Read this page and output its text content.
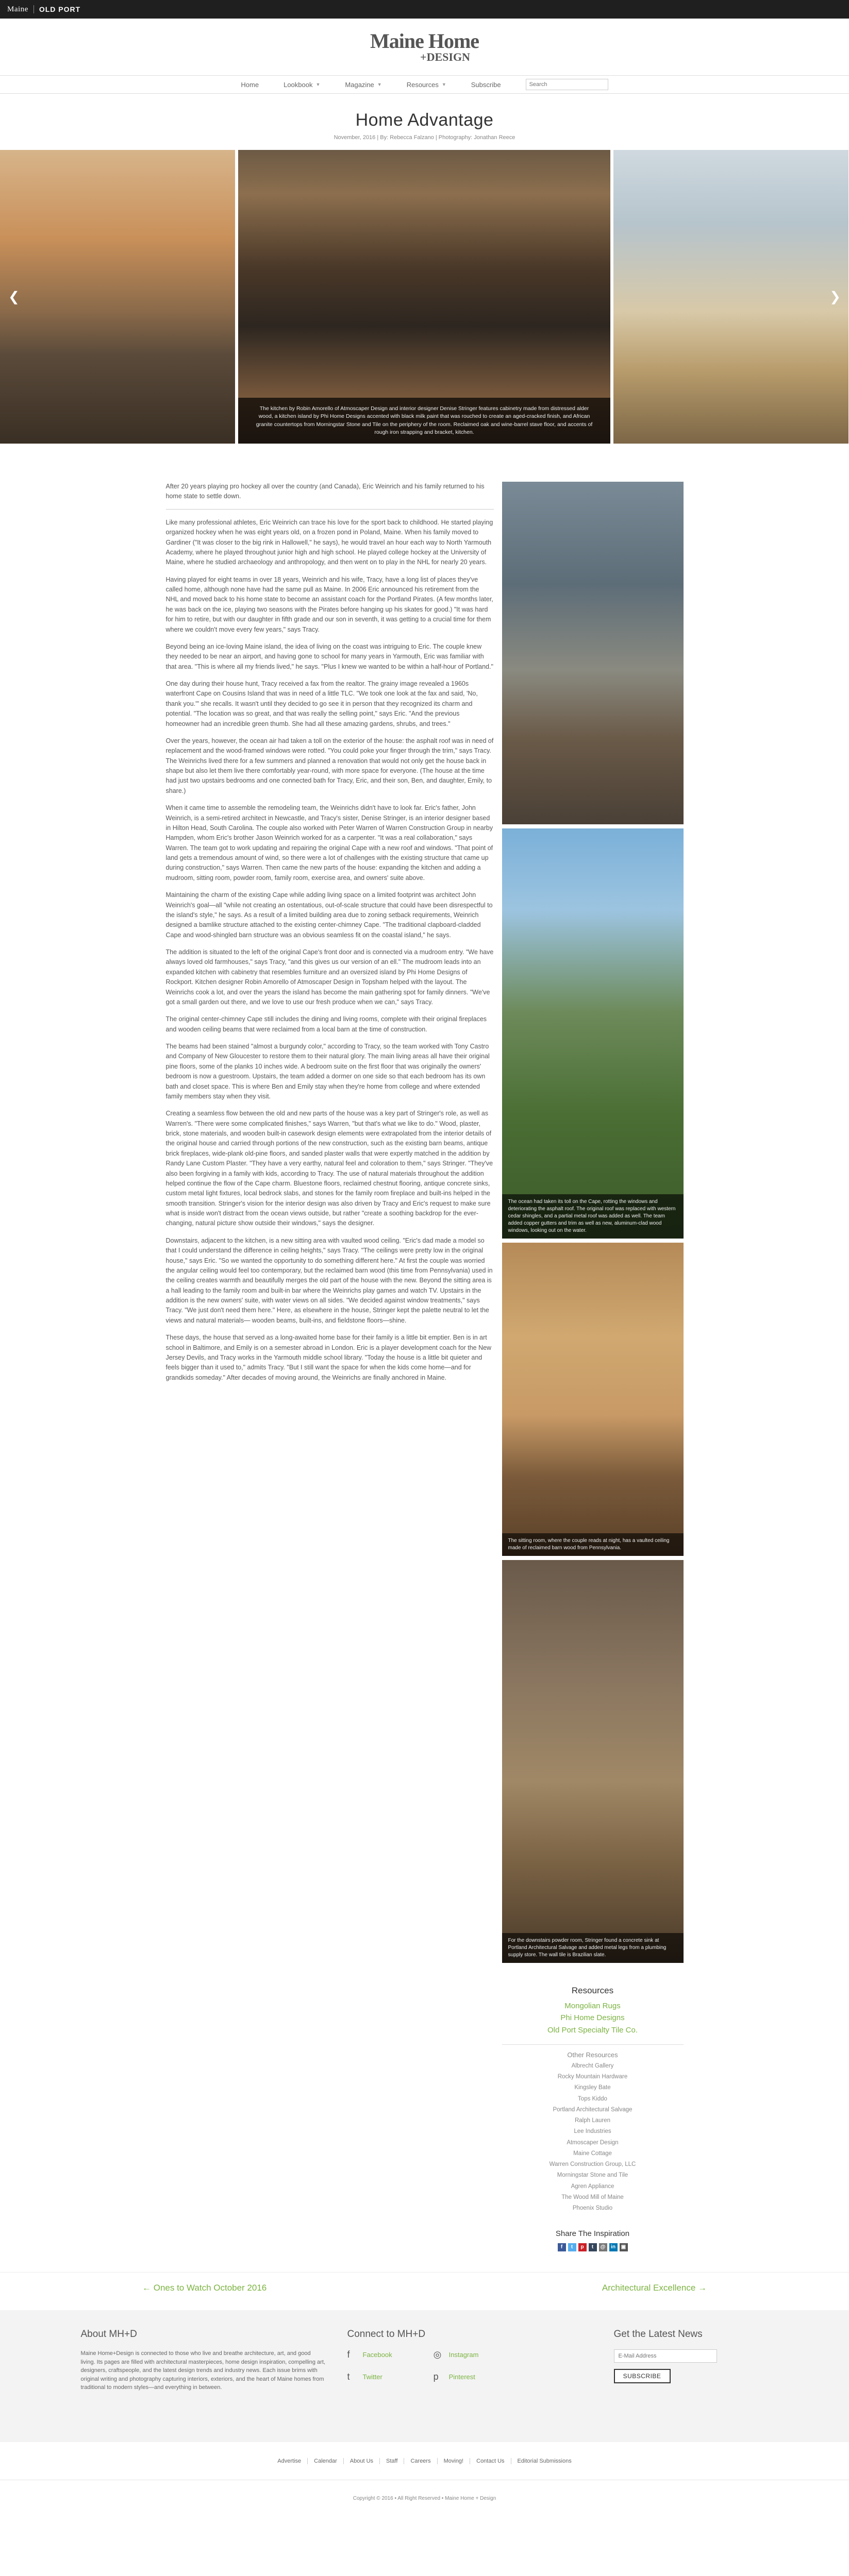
Maine OLD PORT
Maine Home
+DESIGN
Home	Lookbook ▼	Magazine ▼	Resources ▼	Subscribe
Search
Home Advantage
November, 2016 | By: Rebecca Falzano | Photography: Jonathan Reece
The kitchen by Robin Amorello of Atmoscaper Design and interior designer Denise Stringer features cabinetry made from distressed alder wood, a kitchen island by Phi Home Designs accented with black milk paint that was rouched to create an aged-cracked finish, and African granite countertops from Morningstar Stone and Tile on the periphery of the room. Reclaimed oak and wine-barrel stave floor, and accents of rough iron strapping and bracket, kitchen.
❮	❯

After 20 years playing pro hockey all over the country (and Canada), Eric Weinrich and his family returned to his home state to settle down.

Like many professional athletes, Eric Weinrich can trace his love for the sport back to childhood. He started playing organized hockey when he was eight years old, on a frozen pond in Poland, Maine. When his family moved to Gardiner ("It was closer to the big rink in Hallowell," he says), he would travel an hour each way to North Yarmouth Academy, where he played throughout junior high and high school. He played college hockey at the University of Maine, where he studied archaeology and anthropology, and then went on to play in the NHL for nearly 20 years.

Having played for eight teams in over 18 years, Weinrich and his wife, Tracy, have a long list of places they've called home, although none have had the same pull as Maine. In 2006 Eric announced his retirement from the NHL and moved back to his home state to become an assistant coach for the Portland Pirates. (A few months later, he was back on the ice, playing two seasons with the Pirates before hanging up his skates for good.) "It was hard for him to retire, but with our daughter in fifth grade and our son in seventh, it was getting to a crucial time for them where we couldn't move every few years," says Tracy.

Beyond being an ice-loving Maine island, the idea of living on the coast was intriguing to Eric. The couple knew they needed to be near an airport, and having gone to school for many years in Yarmouth, Eric was familiar with that area. "This is where all my friends lived," he says. "Plus I knew we wanted to be within a half-hour of Portland."

One day during their house hunt, Tracy received a fax from the realtor. The grainy image revealed a 1960s waterfront Cape on Cousins Island that was in need of a little TLC. "We took one look at the fax and said, 'No, thank you.'" she recalls. It wasn't until they decided to go see it in person that they recognized its charm and potential. "The location was so great, and that was really the selling point," says Eric. "And the previous homeowner had an incredible green thumb. She had all these amazing gardens, shrubs, and trees."

Over the years, however, the ocean air had taken a toll on the exterior of the house: the asphalt roof was in need of replacement and the wood-framed windows were rotted. "You could poke your finger through the trim," says Tracy. The Weinrichs lived there for a few summers and planned a renovation that would not only get the house back in shape but also let them live there comfortably year-round, with more space for everyone. (The house at the time had just two upstairs bedrooms and one connected bath for Tracy, Eric, and their son, Ben, and daughter, Emily, to share.)

When it came time to assemble the remodeling team, the Weinrichs didn't have to look far. Eric's father, John Weinrich, is a semi-retired architect in Newcastle, and Tracy's sister, Denise Stringer, is an interior designer based in Hilton Head, South Carolina. The couple also worked with Peter Warren of Warren Construction Group in nearby Hampden, whom Eric's brother Jason Weinrich worked for as a carpenter. "It was a real collaboration," says Warren. The team got to work updating and repairing the original Cape with a new roof and windows. "That point of land gets a tremendous amount of wind, so there were a lot of challenges with the existing structure that came up during construction," says Warren. Then came the new parts of the house: expanding the kitchen and adding a mudroom, sitting room, powder room, family room, exercise area, and owners' suite above.

Maintaining the charm of the existing Cape while adding living space on a limited footprint was architect John Weinrich's goal—all "while not creating an ostentatious, out-of-scale structure that could have been disrespectful to the island's style," he says. As a result of a limited building area due to zoning setback requirements, Weinrich designed a bamlike structure attached to the existing center-chimney Cape. "The traditional clapboard-cladded Cape and wood-shingled barn structure was an obvious seamless fit on the coastal island," he says.

The addition is situated to the left of the original Cape's front door and is connected via a mudroom entry. "We have always loved old farmhouses," says Tracy, "and this gives us our version of an ell." The mudroom leads into an expanded kitchen with cabinetry that resembles furniture and an oversized island by Phi Home Designs of Rockport. Kitchen designer Robin Amorello of Atmoscaper Design in Topsham helped with the layout. The Weinrichs cook a lot, and over the years the island has become the main gathering spot for family dinners. "We've got a small garden out there, and we love to use our fresh produce when we can," says Tracy.

The original center-chimney Cape still includes the dining and living rooms, complete with their original fireplaces and wooden ceiling beams that were reclaimed from a local barn at the time of construction.

The beams had been stained "almost a burgundy color," according to Tracy, so the team worked with Tony Castro and Company of New Gloucester to restore them to their natural glory. The main living areas all have their original pine floors, some of the planks 10 inches wide. A bedroom suite on the first floor that was originally the owners' bedroom is now a guestroom. Upstairs, the team added a dormer on one side so that each bedroom has its own bath and closet space. This is where Ben and Emily stay when they're home from college and where extended family members stay when they visit.

Creating a seamless flow between the old and new parts of the house was a key part of Stringer's role, as well as Warren's. "There were some complicated finishes," says Warren, "but that's what we like to do." Wood, plaster, brick, stone materials, and wooden built-in casework design elements were extrapolated from the interior details of the original house and carried through portions of the new construction, such as the existing barn beams, antique brick fireplaces, wide-plank old-pine floors, and sanded plaster walls that were expertly matched in the addition by Randy Lane Custom Plaster. "They have a very earthy, natural feel and coloration to them," says Stringer. "They've also been forgiving in a family with kids, according to Tracy. The use of natural materials throughout the addition helped continue the flow of the Cape charm. Bluestone floors, reclaimed chestnut flooring, antique concrete sinks, custom metal light fixtures, local bedrock slabs, and stones for the family room fireplace and built-ins helped in the smooth transition. Stringer's vision for the interior design was also driven by Tracy and Eric's request to make sure what is inside won't distract from the ocean views outside, but rather "create a soothing backdrop for the ever-changing, natural picture show outside their windows," says the designer.

Downstairs, adjacent to the kitchen, is a new sitting area with vaulted wood ceiling. "Eric's dad made a model so that I could understand the difference in ceiling heights," says Tracy. "The ceilings were pretty low in the original house," says Eric. "So we wanted the opportunity to do something different here." At first the couple was worried the angular ceiling would feel too contemporary, but the reclaimed barn wood (this time from Pennsylvania) used in the ceiling creates warmth and beautifully merges the old part of the house with the new. Beyond the sitting area is a hall leading to the family room and built-in bar where the Weinrichs play games and watch TV. Upstairs in the addition is the new owners' suite, with water views on all sides. "We decided against window treatments," says Tracy. "We just don't need them here." Here, as elsewhere in the house, Stringer kept the palette neutral to let the views and natural materials— wooden beams, built-ins, and fieldstone floors—shine.

These days, the house that served as a long-awaited home base for their family is a little bit emptier. Ben is in art school in Baltimore, and Emily is on a semester abroad in London. Eric is a player development coach for the New Jersey Devils, and Tracy works in the Yarmouth middle school library. "Today the house is a little bit quieter and feels bigger than it used to," admits Tracy. "But I still want the space for when the kids come home—and for grandkids someday." After decades of moving around, the Weinrichs are finally anchored in Maine.

The ocean had taken its toll on the Cape, rotting the windows and deteriorating the asphalt roof. The original roof was replaced with western cedar shingles, and a partial metal roof was added as well. The team added copper gutters and trim as well as new, aluminum-clad wood windows, looking out on the water.
The sitting room, where the couple reads at night, has a vaulted ceiling made of reclaimed barn wood from Pennsylvania.
For the downstairs powder room, Stringer found a concrete sink at Portland Architectural Salvage and added metal legs from a plumbing supply store. The wall tile is Brazilian slate.
Resources
Mongolian Rugs
Phi Home Designs
Old Port Specialty Tile Co.
Other Resources
Albrecht Gallery
Rocky Mountain Hardware
Kingsley Bate
Tops Kiddo
Portland Architectural Salvage
Ralph Lauren
Lee Industries
Atmoscaper Design
Maine Cottage
Warren Construction Group, LLC
Morningstar Stone and Tile
Agren Appliance
The Wood Mill of Maine
Phoenix Studio
Share The Inspiration
f	t	p	t	@	in	▣
← Ones to Watch October 2016	Architectural Excellence →
About MH+D

Maine Home+Design is connected to those who live and breathe architecture, art, and good living. Its pages are filled with architectural masterpieces, home design inspiration, compelling art, designers, craftspeople, and the latest design trends and industry news. Each issue brims with original writing and photography capturing interiors, exteriors, and the heart of Maine homes from traditional to modern styles—and everything in between.

Connect to MH+D
f	Facebook
t	Twitter
◎	Instagram
p	Pinterest
Get the Latest News
E-Mail Address
SUBSCRIBE
Advertise	Calendar	About Us	Staff	Careers	Moving!	Contact Us	Editorial Submissions
Copyright © 2016 • All Right Reserved • Maine Home + Design
